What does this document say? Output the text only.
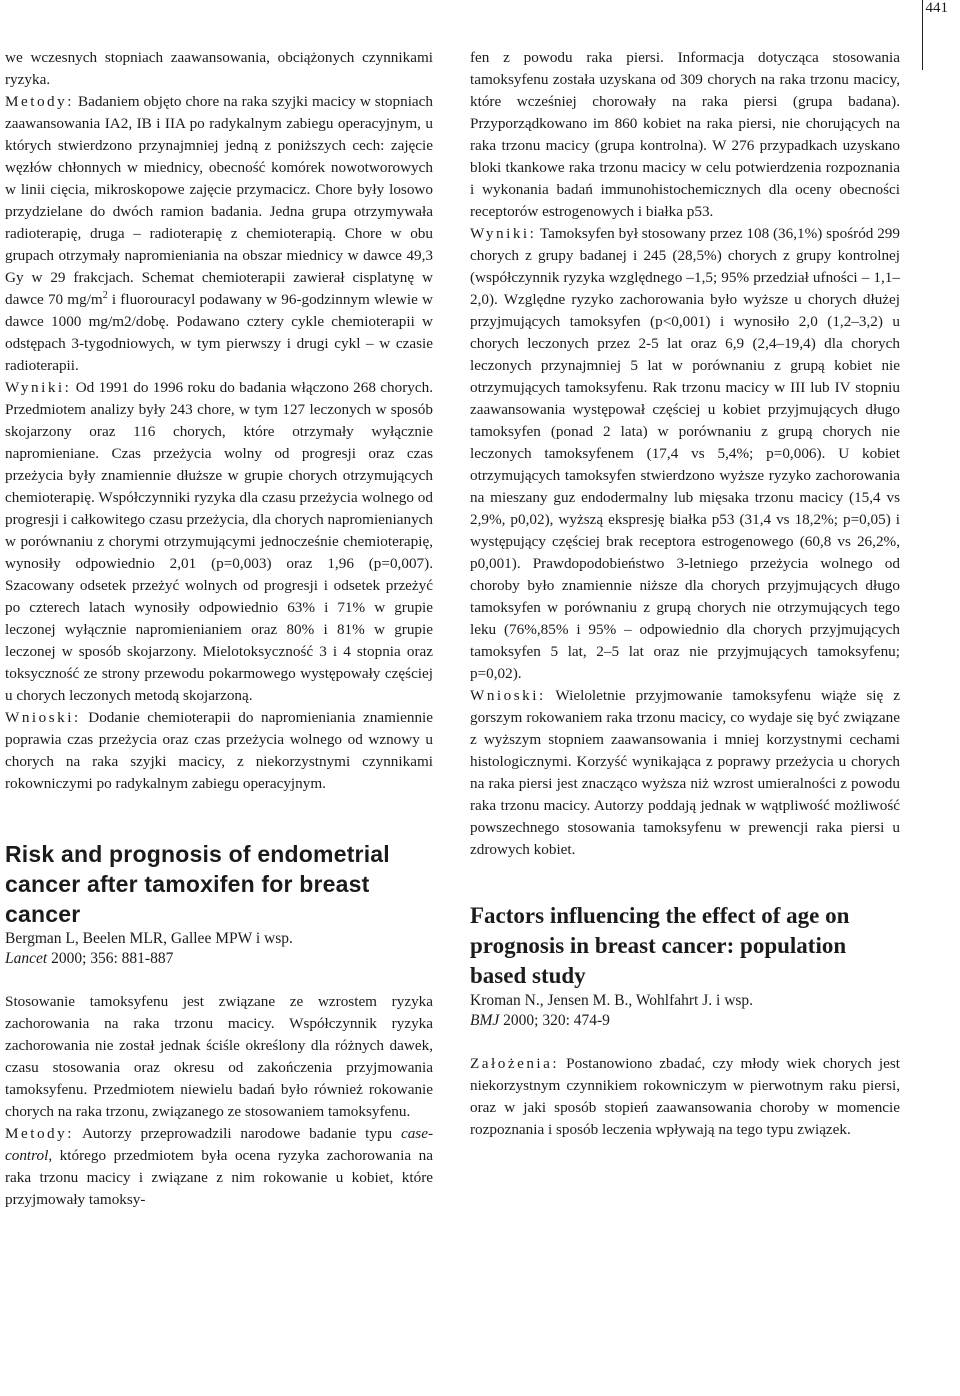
441

we wczesnych stopniach zaawansowania, obciążonych czynnikami ryzyka.

Metody: Badaniem objęto chore na raka szyjki macicy w stopniach zaawansowania IA2, IB i IIA po radykalnym zabiegu operacyjnym, u których stwierdzono przynajmniej jedną z poniższych cech: zajęcie węzłów chłonnych w miednicy, obecność komórek nowotworowych w linii cięcia, mikroskopowe zajęcie przymacicz. Chore były losowo przydzielane do dwóch ramion badania. Jedna grupa otrzymywała radioterapię, druga – radioterapię z chemioterapią. Chore w obu grupach otrzymały napromieniania na obszar miednicy w dawce 49,3 Gy w 29 frakcjach. Schemat chemioterapii zawierał cisplatynę w dawce 70 $mg/m^2$ i fluorouracyl podawany w 96-godzinnym wlewie w dawce 1000 mg/m2/dobę. Podawano cztery cykle chemioterapii w odstępach 3-tygodniowych, w tym pierwszy i drugi cykl – w czasie radioterapii.

Wyniki: Od 1991 do 1996 roku do badania włączono 268 chorych. Przedmiotem analizy były 243 chore, w tym 127 leczonych w sposób skojarzony oraz 116 chorych, które otrzymały wyłącznie napromieniane. Czas przeżycia wolny od progresji oraz czas przeżycia były znamiennie dłuższe w grupie chorych otrzymujących chemioterapię. Współczynniki ryzyka dla czasu przeżycia wolnego od progresji i całkowitego czasu przeżycia, dla chorych napromienianych w porównaniu z chorymi otrzymującymi jednocześnie chemioterapię, wynosiły odpowiednio 2,01 (p=0,003) oraz 1,96 (p=0,007). Szacowany odsetek przeżyć wolnych od progresji i odsetek przeżyć po czterech latach wynosiły odpowiednio 63% i 71% w grupie leczonej wyłącznie napromienianiem oraz 80% i 81% w grupie leczonej w sposób skojarzony. Mielotoksyczność 3 i 4 stopnia oraz toksyczność ze strony przewodu pokarmowego występowały częściej u chorych leczonych metodą skojarzoną.

Wnioski: Dodanie chemioterapii do napromieniania znamiennie poprawia czas przeżycia oraz czas przeżycia wolnego od wznowy u chorych na raka szyjki macicy, z niekorzystnymi czynnikami rokowniczymi po radykalnym zabiegu operacyjnym.

Risk and prognosis of endometrial cancer after tamoxifen for breast cancer

Bergman L, Beelen MLR, Gallee MPW i wsp.

Lancet 2000; 356: 881-887

Stosowanie tamoksyfenu jest związane ze wzrostem ryzyka zachorowania na raka trzonu macicy. Współczynnik ryzyka zachorowania nie został jednak ściśle określony dla różnych dawek, czasu stosowania oraz okresu od zakończenia przyjmowania tamoksyfenu. Przedmiotem niewielu badań było również rokowanie chorych na raka trzonu, związanego ze stosowaniem tamoksyfenu.

Metody: Autorzy przeprowadzili narodowe badanie typu case-control, którego przedmiotem była ocena ryzyka zachorowania na raka trzonu macicy i związane z nim rokowanie u kobiet, które przyjmowały tamoksy-

fen z powodu raka piersi. Informacja dotycząca stosowania tamoksyfenu została uzyskana od 309 chorych na raka trzonu macicy, które wcześniej chorowały na raka piersi (grupa badana). Przyporządkowano im 860 kobiet na raka piersi, nie chorujących na raka trzonu macicy (grupa kontrolna). W 276 przypadkach uzyskano bloki tkankowe raka trzonu macicy w celu potwierdzenia rozpoznania i wykonania badań immunohistochemicznych dla oceny obecności receptorów estrogenowych i białka p53.

Wyniki: Tamoksyfen był stosowany przez 108 (36,1%) spośród 299 chorych z grupy badanej i 245 (28,5%) chorych z grupy kontrolnej (współczynnik ryzyka względnego –1,5; 95% przedział ufności – 1,1–2,0). Względne ryzyko zachorowania było wyższe u chorych dłużej przyjmujących tamoksyfen (p<0,001) i wynosiło 2,0 (1,2–3,2) u chorych leczonych przez 2-5 lat oraz 6,9 (2,4–19,4) dla chorych leczonych przynajmniej 5 lat w porównaniu z grupą kobiet nie otrzymujących tamoksyfenu. Rak trzonu macicy w III lub IV stopniu zaawansowania występował częściej u kobiet przyjmujących długo tamoksyfen (ponad 2 lata) w porównaniu z grupą chorych nie leczonych tamoksyfenem (17,4 vs 5,4%; p=0,006). U kobiet otrzymujących tamoksyfen stwierdzono wyższe ryzyko zachorowania na mieszany guz endodermalny lub mięsaka trzonu macicy (15,4 vs 2,9%, p0,02), wyższą ekspresję białka p53 (31,4 vs 18,2%; p=0,05) i występujący częściej brak receptora estrogenowego (60,8 vs 26,2%, p0,001). Prawdopodobieństwo 3-letniego przeżycia wolnego od choroby było znamiennie niższe dla chorych przyjmujących długo tamoksyfen w porównaniu z grupą chorych nie otrzymujących tego leku (76%,85% i 95% – odpowiednio dla chorych przyjmujących tamoksyfen 5 lat, 2–5 lat oraz nie przyjmujących tamoksyfenu; p=0,02).

Wnioski: Wieloletnie przyjmowanie tamoksyfenu wiąże się z gorszym rokowaniem raka trzonu macicy, co wydaje się być związane z wyższym stopniem zaawansowania i mniej korzystnymi cechami histologicznymi. Korzyść wynikająca z poprawy przeżycia u chorych na raka piersi jest znacząco wyższa niż wzrost umieralności z powodu raka trzonu macicy. Autorzy poddają jednak w wątpliwość możliwość powszechnego stosowania tamoksyfenu w prewencji raka piersi u zdrowych kobiet.

Factors influencing the effect of age on prognosis in breast cancer: population based study

Kroman N., Jensen M. B., Wohlfahrt J. i wsp.

BMJ 2000; 320: 474-9

Założenia: Postanowiono zbadać, czy młody wiek chorych jest niekorzystnym czynnikiem rokowniczym w pierwotnym raku piersi, oraz w jaki sposób stopień zaawansowania choroby w momencie rozpoznania i sposób leczenia wpływają na tego typu związek.
